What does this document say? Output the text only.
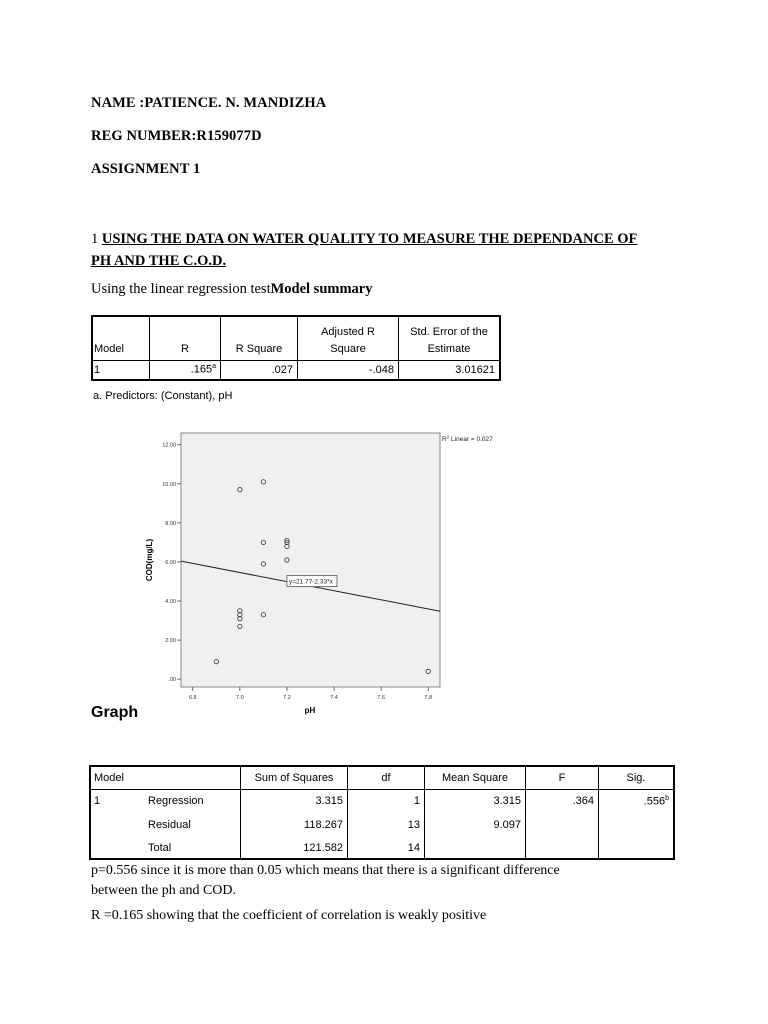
NAME :PATIENCE. N. MANDIZHA
REG NUMBER:R159077D
ASSIGNMENT 1
1 USING THE DATA ON WATER QUALITY TO MEASURE THE DEPENDANCE OF
PH AND THE C.O.D.
Using the linear regression testModel summary
			Adjusted R	Std. Error of the
Model	R	R Square	Square	Estimate
1	.165$^a$	.027	-.048	3.01621
a. Predictors: (Constant), pH
.00
2.00
4.00
6.00
8.00
10.00
12.00
6.8	7.0	7.2	7.4	7.6	7.8
y=21.77-2.33*x
$R^2$ Linear = 0.027
pH
COD(mg/L)
Graph
Model		Sum of Squares	df	Mean Square	F	Sig.
1	Regression	3.315	1	3.315	.364	.556$^b$
	Residual	118.267	13	9.097		
	Total	121.582	14			
p=0.556 since it is more than 0.05 which means that there is a significant difference
between the ph and COD.
R =0.165 showing that the coefficient of correlation is weakly positive
